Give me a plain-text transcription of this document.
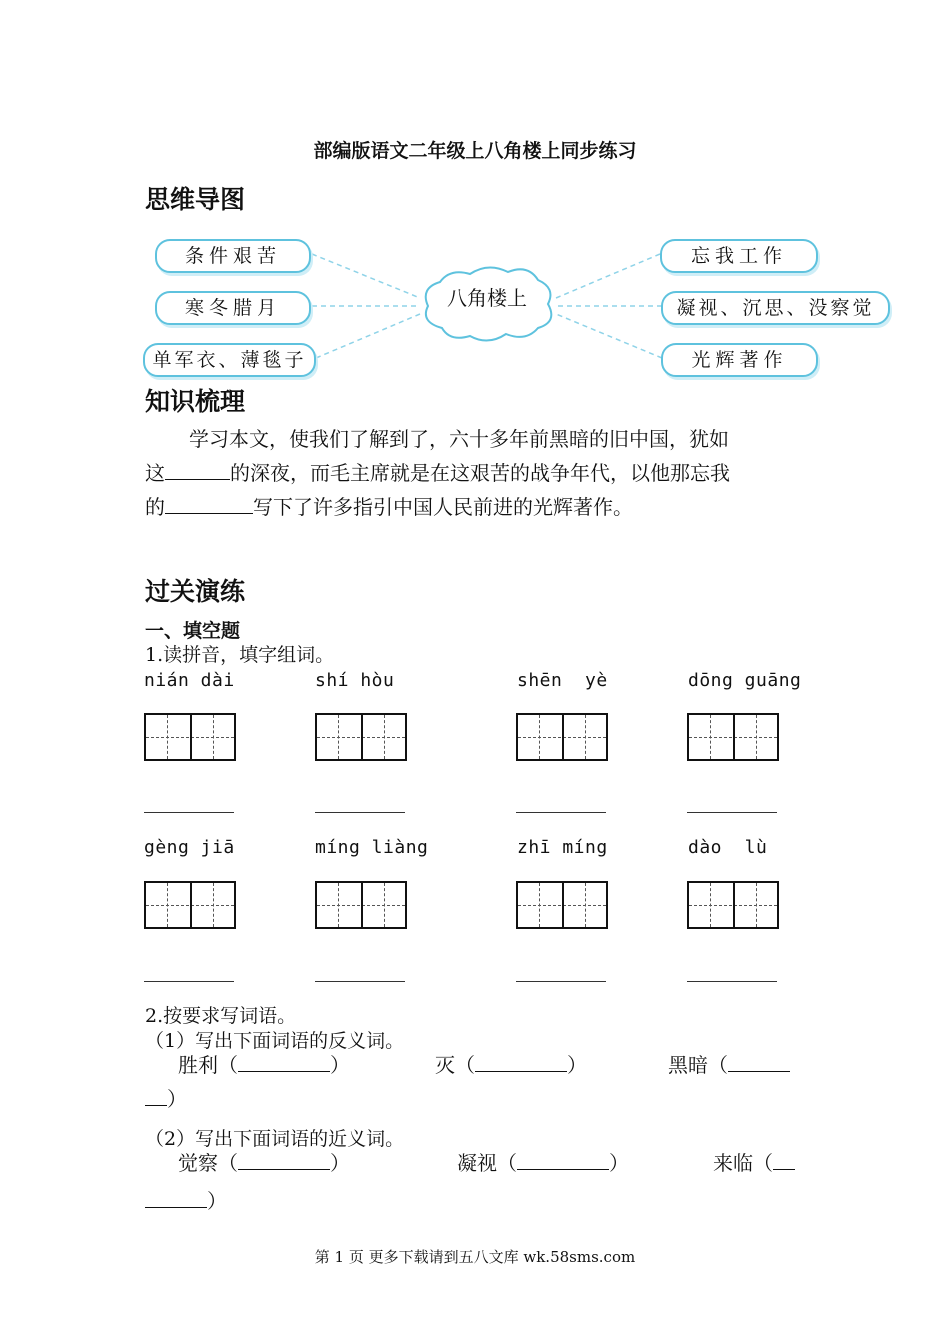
部编版语文二年级上八角楼上同步练习
思维导图
八角楼上
条件艰苦
寒冬腊月
单军衣、薄毯子
忘我工作
凝视、沉思、没察觉
光辉著作
知识梳理
学习本文，使我们了解到了，六十多年前黑暗的旧中国，犹如
这	的深夜，而毛主席就是在这艰苦的战争年代，以他那忘我
的	写下了许多指引中国人民前进的光辉著作。
过关演练
一、填空题
1.读拼音，填字组词。
nián dài	shí hòu	shēn  yè	dōng guāng
gèng jiā	míng liàng	zhī míng	dào  lù
2.按要求写词语。
（1）写出下面词语的反义词。
胜利（	）	灭（	）	黑暗（
）
（2）写出下面词语的近义词。
觉察（	）	凝视（	）	来临（
）
第 1 页 更多下载请到五八文库 wk.58sms.com
